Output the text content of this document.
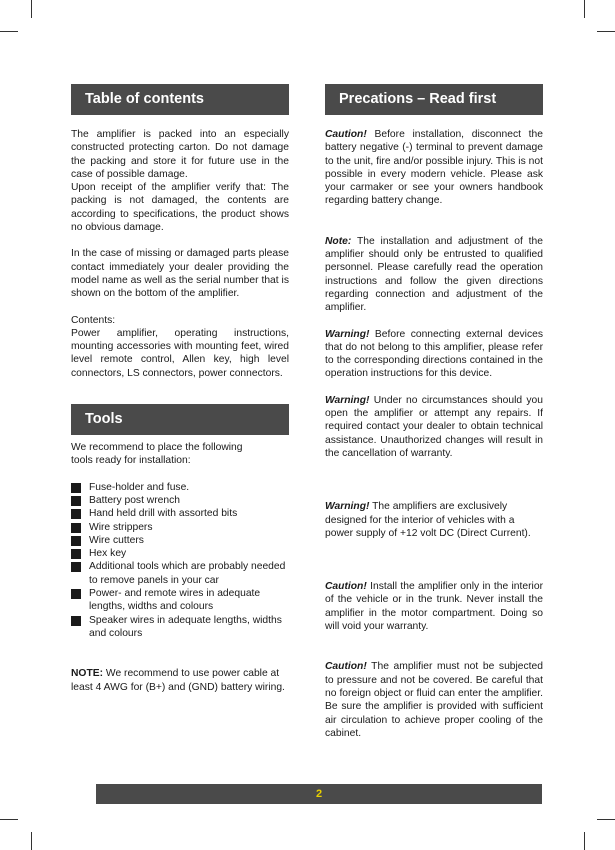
Table of contents

The amplifier is packed into an especially constructed protecting carton. Do not damage the packing and store it for future use in the case of possible damage.

Upon receipt of the amplifier verify that: The packing is not damaged, the contents are according to specifications, the product shows no obvious damage.

In the case of missing or damaged parts please contact immediately your dealer providing the model name as well as the serial number that is shown on the bottom of the amplifier.

Contents:

Power amplifier, operating instructions, mounting accessories with mounting feet, wired level remote control, Allen key, high level connectors, LS connectors, power connectors.

Tools

We recommend to place the following

tools ready for installation:

Fuse-holder and fuse.
Battery post wrench
Hand held drill with assorted bits
Wire strippers
Wire cutters
Hex key
Additional tools which are probably needed to remove panels in your car
Power- and remote wires in adequate lengths, widths and colours
Speaker wires in adequate lengths, widths and colours

NOTE: We recommend to use power cable at least 4 AWG for (B+) and (GND) battery wiring.

Precations – Read first

Caution! Before installation, disconnect the battery negative (-) terminal to prevent damage to the unit, fire and/or possible injury. This is not possible in every modern vehicle. Please ask your carmaker or see your owners handbook regarding battery change.

Note: The installation and adjustment of the amplifier should only be entrusted to qualified personnel. Please carefully read the operation instructions and follow the given directions regarding connection and adjustment of the amplifier.

Warning! Before connecting external devices that do not belong to this amplifier, please refer to the corresponding directions contained in the operation instructions for this device.

Warning! Under no circumstances should you open the amplifier or attempt any repairs. If required contact your dealer to obtain technical assistance. Unauthorized changes will result in the cancellation of warranty.

Warning! The amplifiers are exclusively designed for the interior of vehicles with a power supply of +12 volt DC (Direct Current).

Caution! Install the amplifier only in the interior of the vehicle or in the trunk. Never install the amplifier in the motor compartment. Doing so will void your warranty.

Caution! The amplifier must not be subjected to pressure and not be covered. Be careful that no foreign object or fluid can enter the amplifier. Be sure the amplifier is provided with sufficient air circulation to achieve proper cooling of the cabinet.

2
